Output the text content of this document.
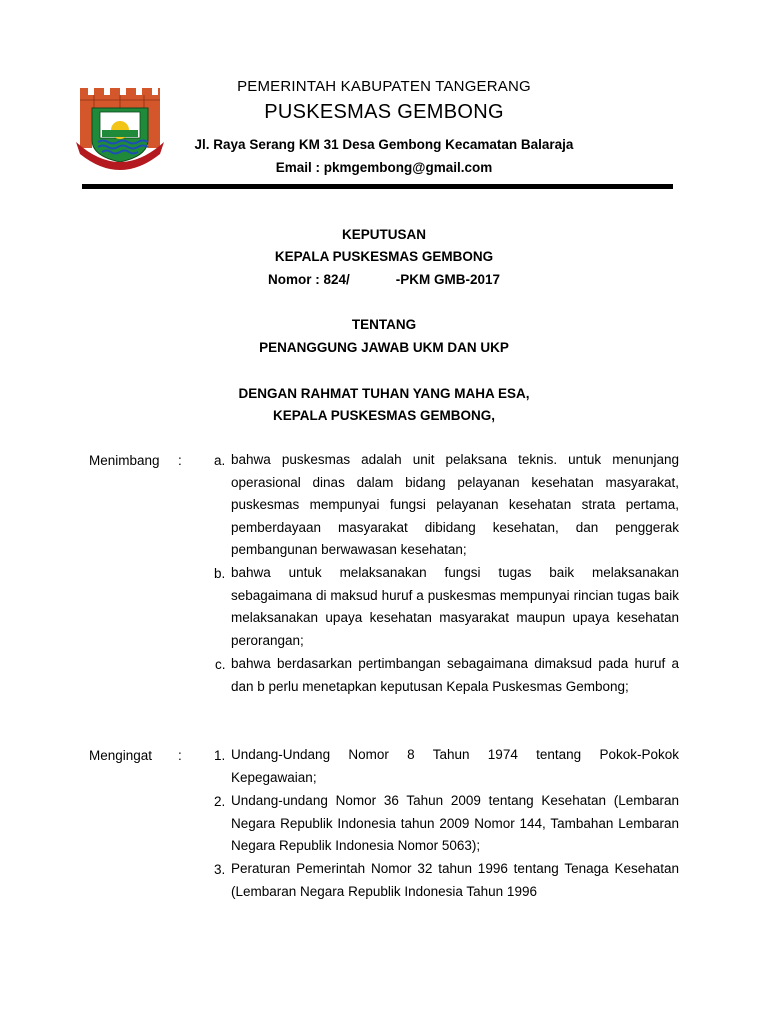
PEMERINTAH KABUPATEN TANGERANG
PUSKESMAS GEMBONG
Jl. Raya Serang KM 31 Desa Gembong Kecamatan Balaraja
Email : pkmgembong@gmail.com
KEPUTUSAN
KEPALA PUSKESMAS GEMBONG
Nomor : 824/	-PKM GMB-2017
TENTANG
PENANGGUNG JAWAB UKM DAN UKP
DENGAN RAHMAT TUHAN YANG MAHA ESA,
KEPALA PUSKESMAS GEMBONG,
Menimbang : a. bahwa puskesmas adalah unit pelaksana teknis. untuk menunjang operasional dinas dalam bidang pelayanan kesehatan masyarakat, puskesmas mempunyai fungsi pelayanan kesehatan strata pertama, pemberdayaan masyarakat dibidang kesehatan, dan penggerak pembangunan berwawasan kesehatan;

b. bahwa untuk melaksanakan fungsi tugas baik melaksanakan sebagaimana di maksud huruf a puskesmas mempunyai rincian tugas baik melaksanakan upaya kesehatan masyarakat maupun upaya kesehatan perorangan;

c. bahwa berdasarkan pertimbangan sebagaimana dimaksud pada huruf a dan b perlu menetapkan keputusan Kepala Puskesmas Gembong;

Mengingat : 1. Undang-Undang Nomor 8 Tahun 1974 tentang Pokok-Pokok Kepegawaian;

2. Undang-undang Nomor 36 Tahun 2009 tentang Kesehatan (Lembaran Negara Republik Indonesia tahun 2009 Nomor 144, Tambahan Lembaran Negara Republik Indonesia Nomor 5063);

3. Peraturan Pemerintah Nomor 32 tahun 1996 tentang Tenaga Kesehatan (Lembaran Negara Republik Indonesia Tahun 1996
